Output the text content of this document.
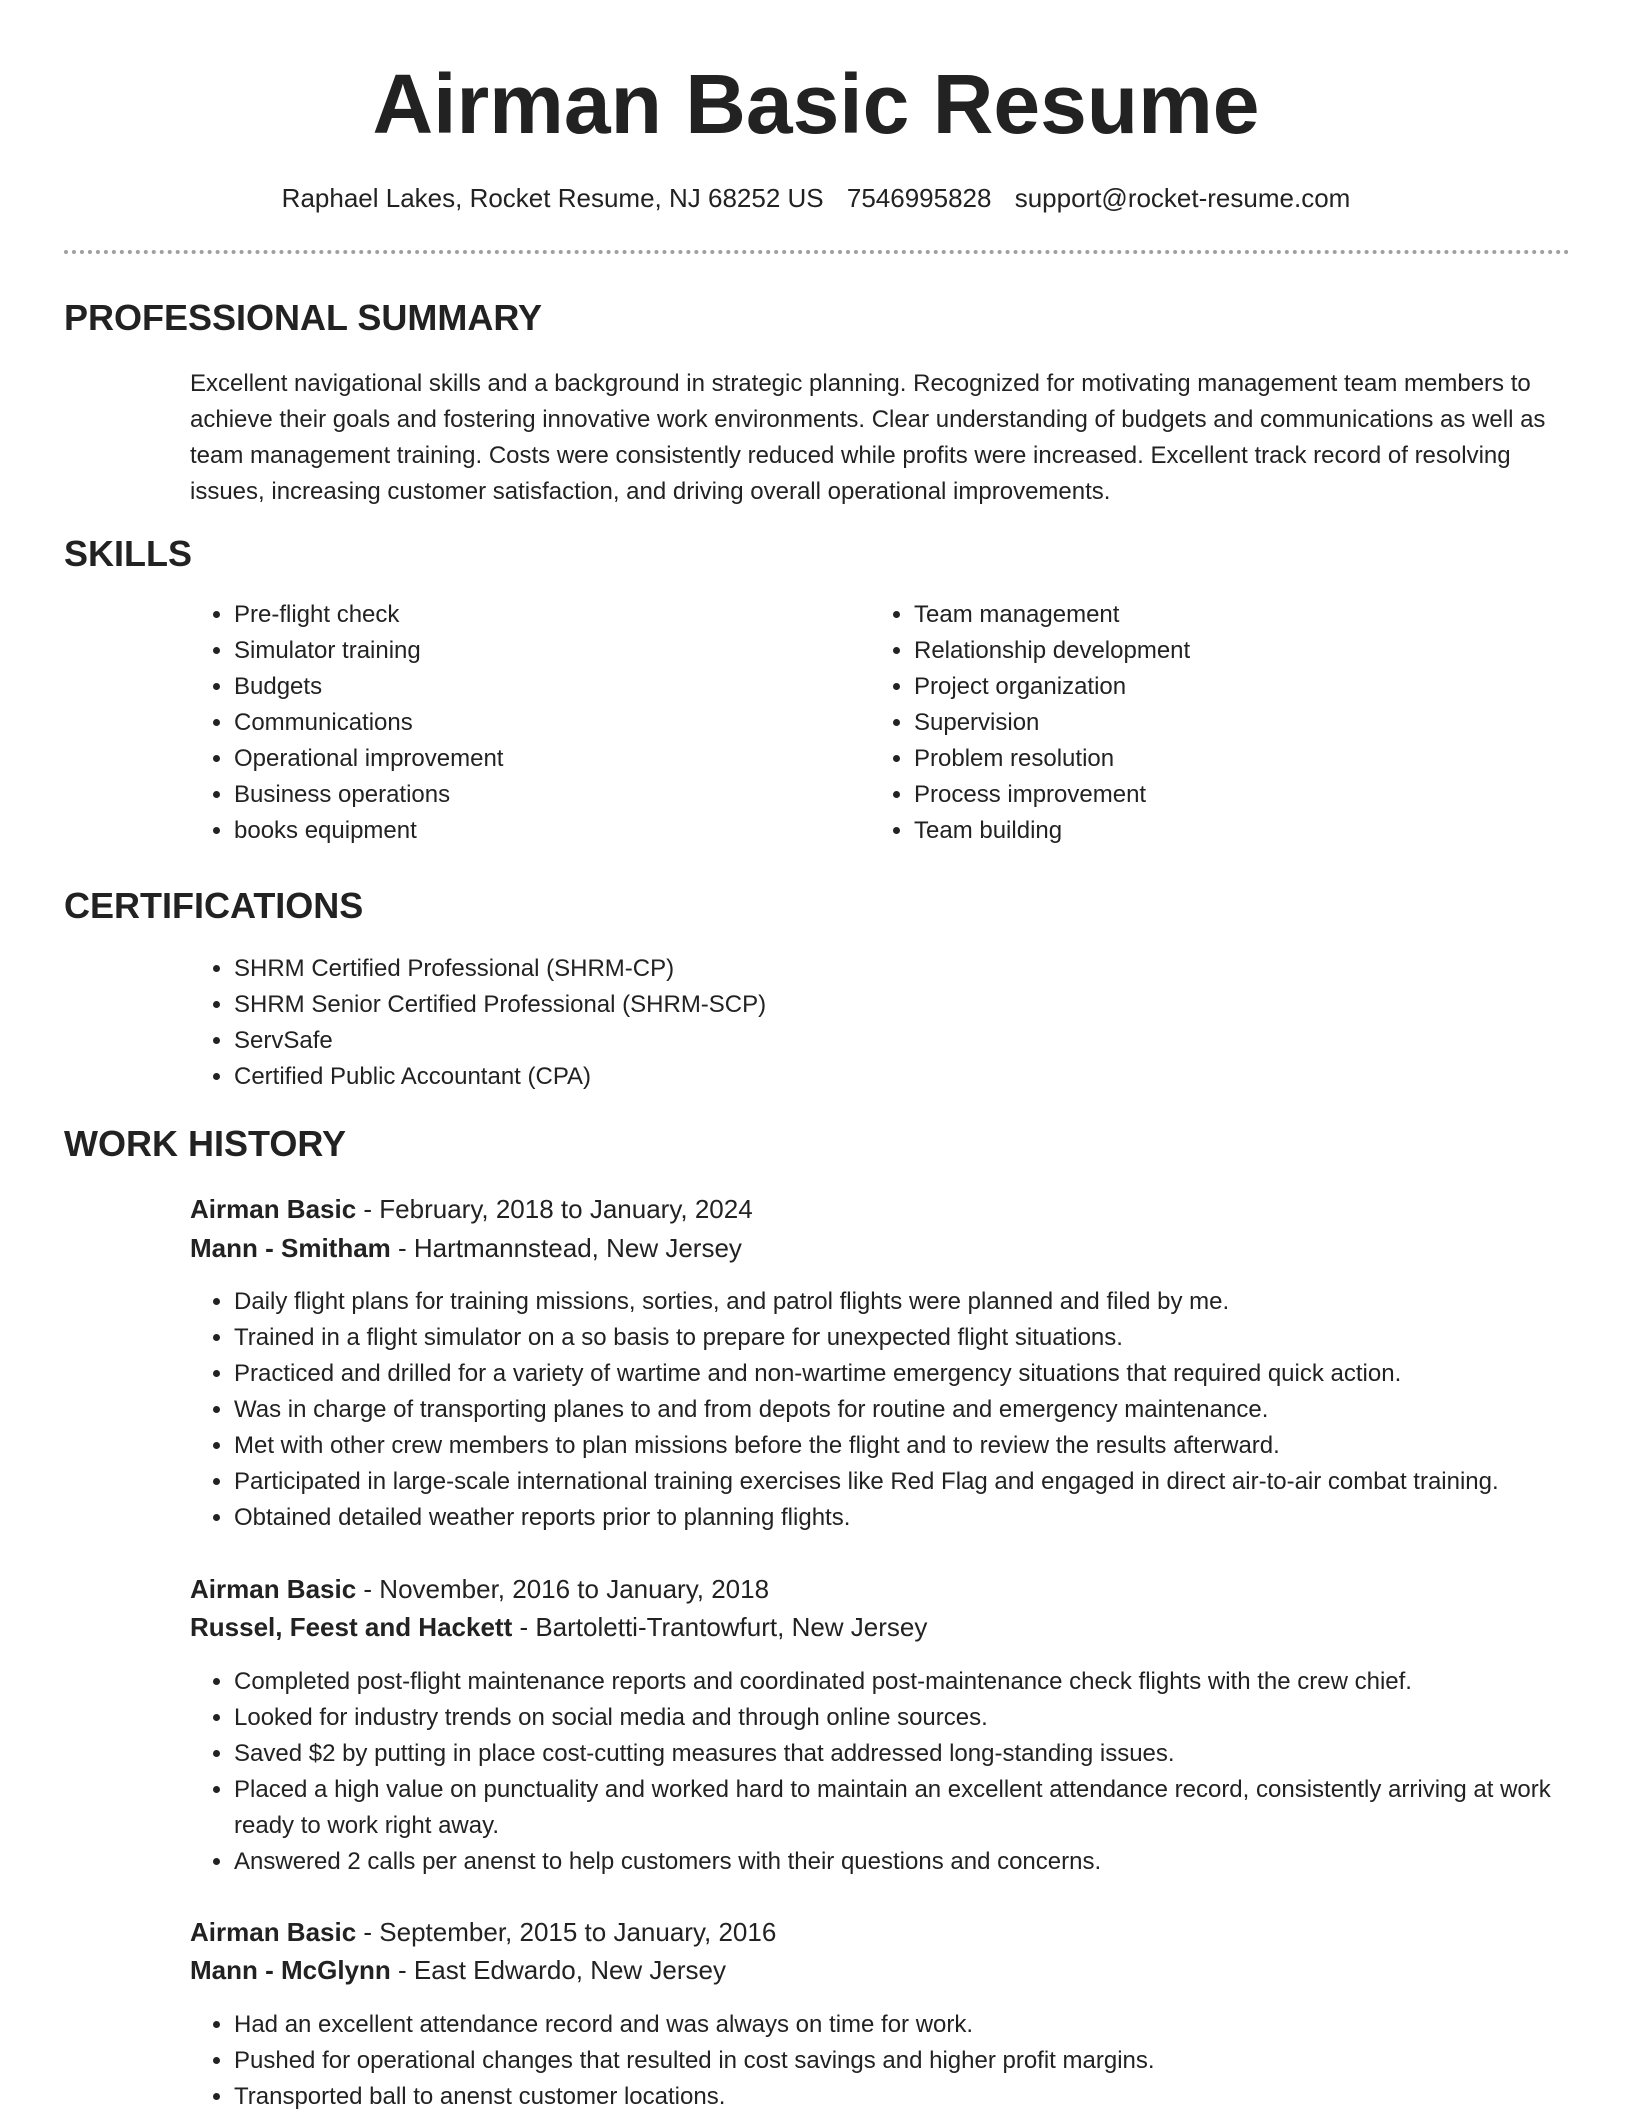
Airman Basic Resume
Raphael Lakes, Rocket Resume, NJ 68252 US 7546995828 support@rocket-resume.com
PROFESSIONAL SUMMARY

Excellent navigational skills and a background in strategic planning. Recognized for motivating management team members to achieve their goals and fostering innovative work environments. Clear understanding of budgets and communications as well as team management training. Costs were consistently reduced while profits were increased. Excellent track record of resolving issues, increasing customer satisfaction, and driving overall operational improvements.

SKILLS
• Pre-flight check
• Simulator training
• Budgets
• Communications
• Operational improvement
• Business operations
• books equipment
• Team management
• Relationship development
• Project organization
• Supervision
• Problem resolution
• Process improvement
• Team building
CERTIFICATIONS
• SHRM Certified Professional (SHRM-CP)
• SHRM Senior Certified Professional (SHRM-SCP)
• ServSafe
• Certified Public Accountant (CPA)
WORK HISTORY
Airman Basic - February, 2018 to January, 2024
Mann - Smitham - Hartmannstead, New Jersey
• Daily flight plans for training missions, sorties, and patrol flights were planned and filed by me.
• Trained in a flight simulator on a so basis to prepare for unexpected flight situations.
• Practiced and drilled for a variety of wartime and non-wartime emergency situations that required quick action.
• Was in charge of transporting planes to and from depots for routine and emergency maintenance.
• Met with other crew members to plan missions before the flight and to review the results afterward.
• Participated in large-scale international training exercises like Red Flag and engaged in direct air-to-air combat training.
• Obtained detailed weather reports prior to planning flights.
Airman Basic - November, 2016 to January, 2018
Russel, Feest and Hackett - Bartoletti-Trantowfurt, New Jersey
• Completed post-flight maintenance reports and coordinated post-maintenance check flights with the crew chief.
• Looked for industry trends on social media and through online sources.
• Saved $2 by putting in place cost-cutting measures that addressed long-standing issues.
• Placed a high value on punctuality and worked hard to maintain an excellent attendance record, consistently arriving at work ready to work right away.
• Answered 2 calls per anenst to help customers with their questions and concerns.
Airman Basic - September, 2015 to January, 2016
Mann - McGlynn - East Edwardo, New Jersey
• Had an excellent attendance record and was always on time for work.
• Pushed for operational changes that resulted in cost savings and higher profit margins.
• Transported ball to anenst customer locations.
